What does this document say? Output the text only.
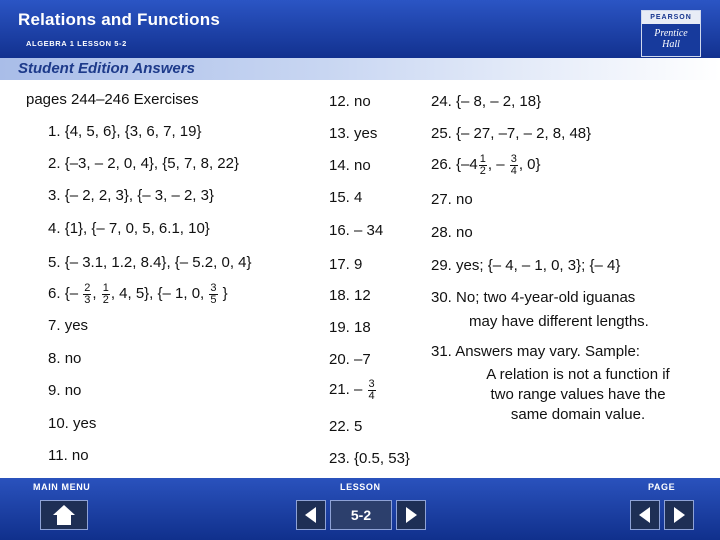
Relations and Functions
ALGEBRA 1 LESSON 5-2
PEARSON
Prentice
Hall
Student Edition Answers
pages 244–246 Exercises
1. {4, 5, 6}, {3, 6, 7, 19}
2. {–3, – 2, 0, 4}, {5, 7, 8, 22}
3. {– 2, 2, 3}, {– 3, – 2, 3}
4. {1}, {– 7, 0, 5, 6.1, 10}
5. {– 3.1, 1.2, 8.4}, {– 5.2, 0, 4}
6. {– $\frac{2}{3}$ , $\frac{1}{2}$ , 4, 5}, {– 1, 0, $\frac{3}{5}$ }
7. yes
8. no
9. no
10. yes
11. no
12. no
13. yes
14. no
15. 4
16. – 34
17. 9
18. 12
19. 18
20. –7
21. – $\frac{3}{4}$
22. 5
23. {0.5, 53}
24. {– 8, – 2, 18}
25. {– 27, –7, – 2, 8, 48}
26. {$-4 \frac{1}{2}$ , – $\frac{3}{4}$ , 0}
27. no
28. no
29. yes; {– 4, – 1, 0, 3}; {– 4}
30. No; two 4-year-old iguanas
may have different lengths.
31. Answers may vary. Sample:
A relation is not a function if
two range values have the
same domain value.
MAIN MENU	LESSON
5-2
PAGE
